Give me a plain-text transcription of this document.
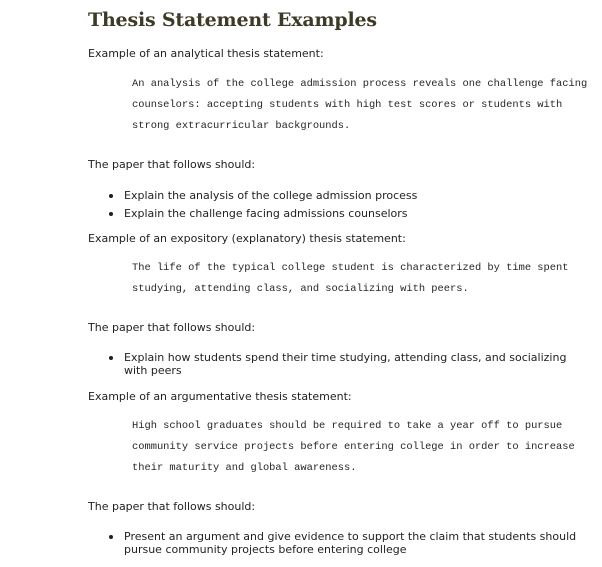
Thesis Statement Examples

Example of an analytical thesis statement:

An analysis of the college admission process reveals one challenge facing
counselors: accepting students with high test scores or students with
strong extracurricular backgrounds.

The paper that follows should:

Explain the analysis of the college admission process
Explain the challenge facing admissions counselors

Example of an expository (explanatory) thesis statement:

The life of the typical college student is characterized by time spent
studying, attending class, and socializing with peers.

The paper that follows should:

Explain how students spend their time studying, attending class, and socializing with peers

Example of an argumentative thesis statement:

High school graduates should be required to take a year off to pursue
community service projects before entering college in order to increase
their maturity and global awareness.

The paper that follows should:

Present an argument and give evidence to support the claim that students should pursue community projects before entering college
